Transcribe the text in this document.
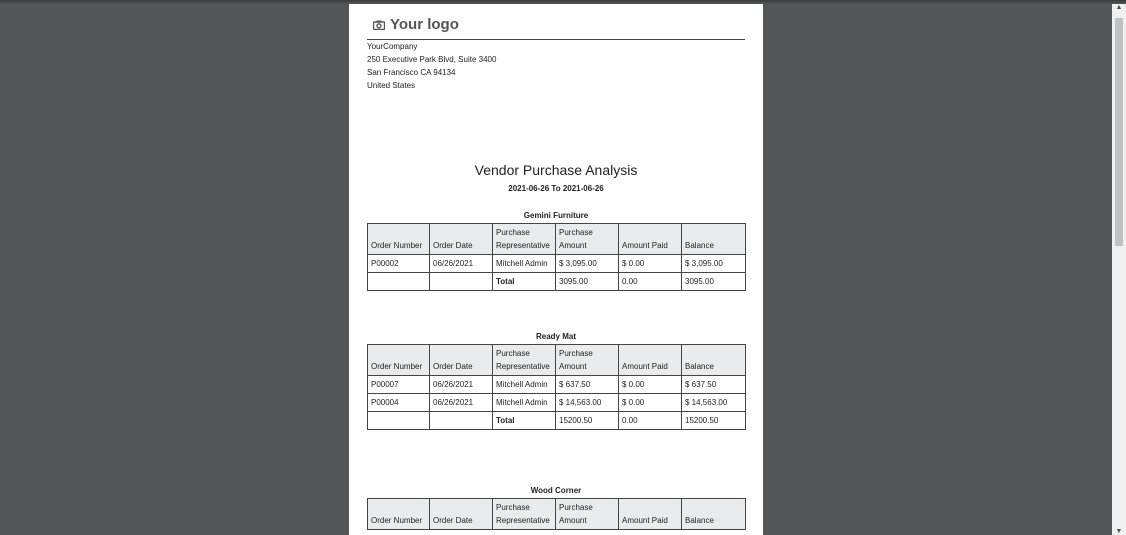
Your logo
YourCompany
250 Executive Park Blvd, Suite 3400
San Francisco CA 94134
United States
Vendor Purchase Analysis
2021-06-26 To 2021-06-26
Gemini Furniture
Order Number	Order Date	Purchase Representative	Purchase Amount	Amount Paid	Balance
P00002	06/26/2021	Mitchell Admin	$ 3,095.00	$ 0.00	$ 3,095.00
		Total	3095.00	0.00	3095.00
Ready Mat
Order Number	Order Date	Purchase Representative	Purchase Amount	Amount Paid	Balance
P00007	06/26/2021	Mitchell Admin	$ 637.50	$ 0.00	$ 637.50
P00004	06/26/2021	Mitchell Admin	$ 14,563.00	$ 0.00	$ 14,563.00
		Total	15200.50	0.00	15200.50
Wood Corner
Order Number	Order Date	Purchase Representative	Purchase Amount	Amount Paid	Balance
▲
▼
